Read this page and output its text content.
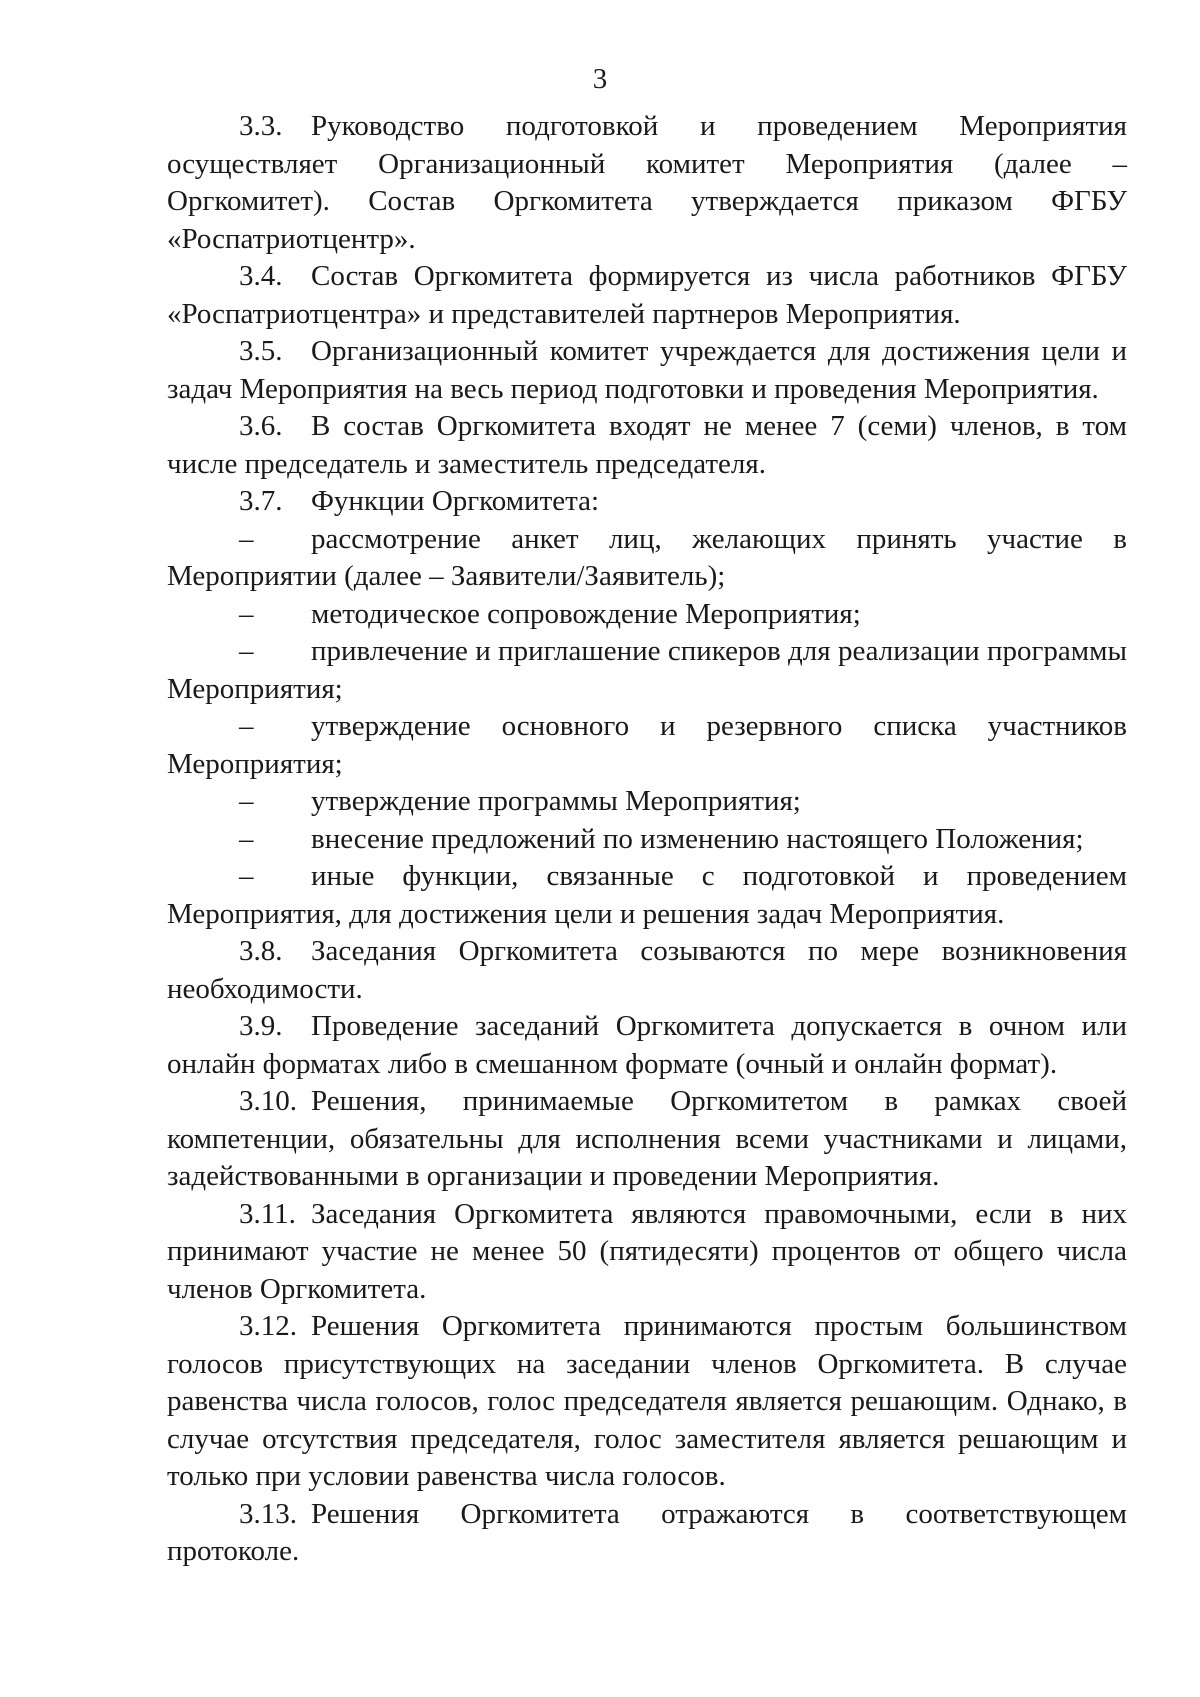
3

3.3. Руководство подготовкой и проведением Мероприятия осуществляет Организационный комитет Мероприятия (далее – Оргкомитет). Состав Оргкомитета утверждается приказом ФГБУ «Роспатриотцентр».

3.4. Состав Оргкомитета формируется из числа работников ФГБУ «Роспатриотцентра» и представителей партнеров Мероприятия.

3.5. Организационный комитет учреждается для достижения цели и задач Мероприятия на весь период подготовки и проведения Мероприятия.

3.6. В состав Оргкомитета входят не менее 7 (семи) членов, в том числе председатель и заместитель председателя.

3.7. Функции Оргкомитета:

– рассмотрение анкет лиц, желающих принять участие в Мероприятии (далее – Заявители/Заявитель);

– методическое сопровождение Мероприятия;

– привлечение и приглашение спикеров для реализации программы Мероприятия;

– утверждение основного и резервного списка участников Мероприятия;

– утверждение программы Мероприятия;

– внесение предложений по изменению настоящего Положения;

– иные функции, связанные с подготовкой и проведением Мероприятия, для достижения цели и решения задач Мероприятия.

3.8. Заседания Оргкомитета созываются по мере возникновения необходимости.

3.9. Проведение заседаний Оргкомитета допускается в очном или онлайн форматах либо в смешанном формате (очный и онлайн формат).

3.10. Решения, принимаемые Оргкомитетом в рамках своей компетенции, обязательны для исполнения всеми участниками и лицами, задействованными в организации и проведении Мероприятия.

3.11. Заседания Оргкомитета являются правомочными, если в них принимают участие не менее 50 (пятидесяти) процентов от общего числа членов Оргкомитета.

3.12. Решения Оргкомитета принимаются простым большинством голосов присутствующих на заседании членов Оргкомитета. В случае равенства числа голосов, голос председателя является решающим. Однако, в случае отсутствия председателя, голос заместителя является решающим и только при условии равенства числа голосов.

3.13. Решения Оргкомитета отражаются в соответствующем протоколе.
